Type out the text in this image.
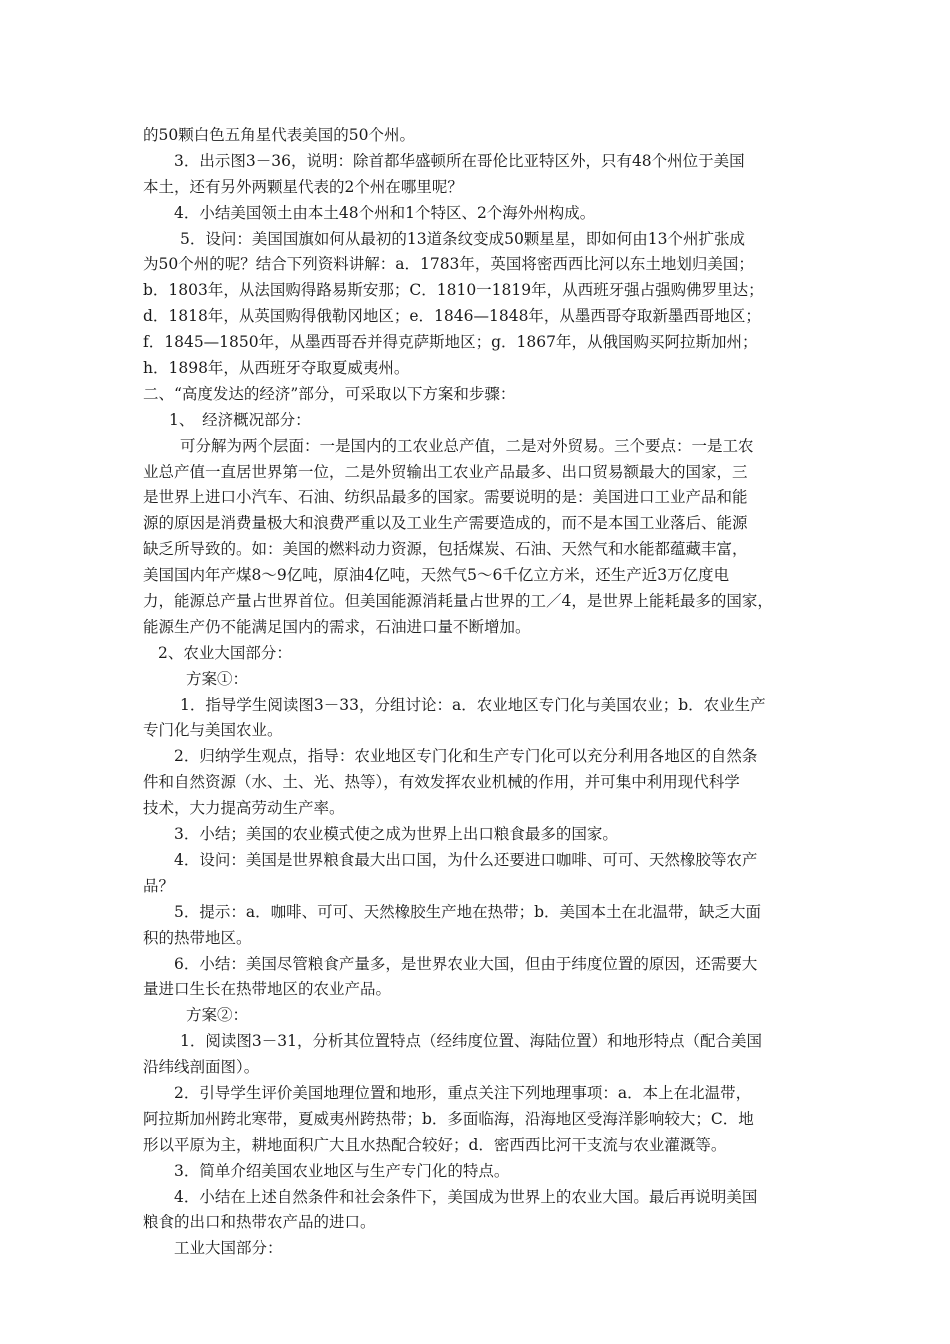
的50颗白色五角星代表美国的50个州。
3．出示图3－36，说明：除首都华盛顿所在哥伦比亚特区外，只有48个州位于美国
本土，还有另外两颗星代表的2个州在哪里呢？
4．小结美国领土由本土48个州和1个特区、2个海外州构成。
5．设问：美国国旗如何从最初的13道条纹变成50颗星星，即如何由13个州扩张成
为50个州的呢？结合下列资料讲解：a．1783年，英国将密西西比河以东土地划归美国；
b．1803年，从法国购得路易斯安那；C．1810一1819年，从西班牙强占强购佛罗里达；
d．1818年，从英国购得俄勒冈地区；e．1846—1848年，从墨西哥夺取新墨西哥地区；
f．1845—1850年，从墨西哥吞并得克萨斯地区；g．1867年，从俄国购买阿拉斯加州；
h．1898年，从西班牙夺取夏威夷州。
二、“高度发达的经济”部分，可采取以下方案和步骤：
1、　经济概况部分：
可分解为两个层面：一是国内的工农业总产值，二是对外贸易。三个要点：一是工农
业总产值一直居世界第一位，二是外贸输出工农业产品最多、出口贸易额最大的国家，三
是世界上进口小汽车、石油、纺织品最多的国家。需要说明的是：美国进口工业产品和能
源的原因是消费量极大和浪费严重以及工业生产需要造成的，而不是本国工业落后、能源
缺乏所导致的。如：美国的燃料动力资源，包括煤炭、石油、天然气和水能都蕴藏丰富，
美国国内年产煤8～9亿吨，原油4亿吨，天然气5～6千亿立方米，还生产近3万亿度电
力，能源总产量占世界首位。但美国能源消耗量占世界的工／4，是世界上能耗最多的国家，
能源生产仍不能满足国内的需求，石油进口量不断增加。
2、农业大国部分：
方案①：
1．指导学生阅读图3－33，分组讨论：a．农业地区专门化与美国农业；b．农业生产
专门化与美国农业。
2．归纳学生观点，指导：农业地区专门化和生产专门化可以充分利用各地区的自然条
件和自然资源（水、土、光、热等），有效发挥农业机械的作用，并可集中利用现代科学
技术，大力提高劳动生产率。
3．小结；美国的农业模式使之成为世界上出口粮食最多的国家。
4．设问：美国是世界粮食最大出口国，为什么还要进口咖啡、可可、天然橡胶等农产
品？
5．提示：a．咖啡、可可、天然橡胶生产地在热带；b．美国本土在北温带，缺乏大面
积的热带地区。
6．小结：美国尽管粮食产量多，是世界农业大国，但由于纬度位置的原因，还需要大
量进口生长在热带地区的农业产品。
方案②：
1．阅读图3－31，分析其位置特点（经纬度位置、海陆位置）和地形特点（配合美国
沿纬线剖面图）。
2．引导学生评价美国地理位置和地形，重点关注下列地理事项：a．本上在北温带，
阿拉斯加州跨北寒带，夏威夷州跨热带；b．多面临海，沿海地区受海洋影响较大；C．地
形以平原为主，耕地面积广大且水热配合较好；d．密西西比河干支流与农业灌溉等。
3．简单介绍美国农业地区与生产专门化的特点。
4．小结在上述自然条件和社会条件下，美国成为世界上的农业大国。最后再说明美国
粮食的出口和热带农产品的进口。
工业大国部分：
